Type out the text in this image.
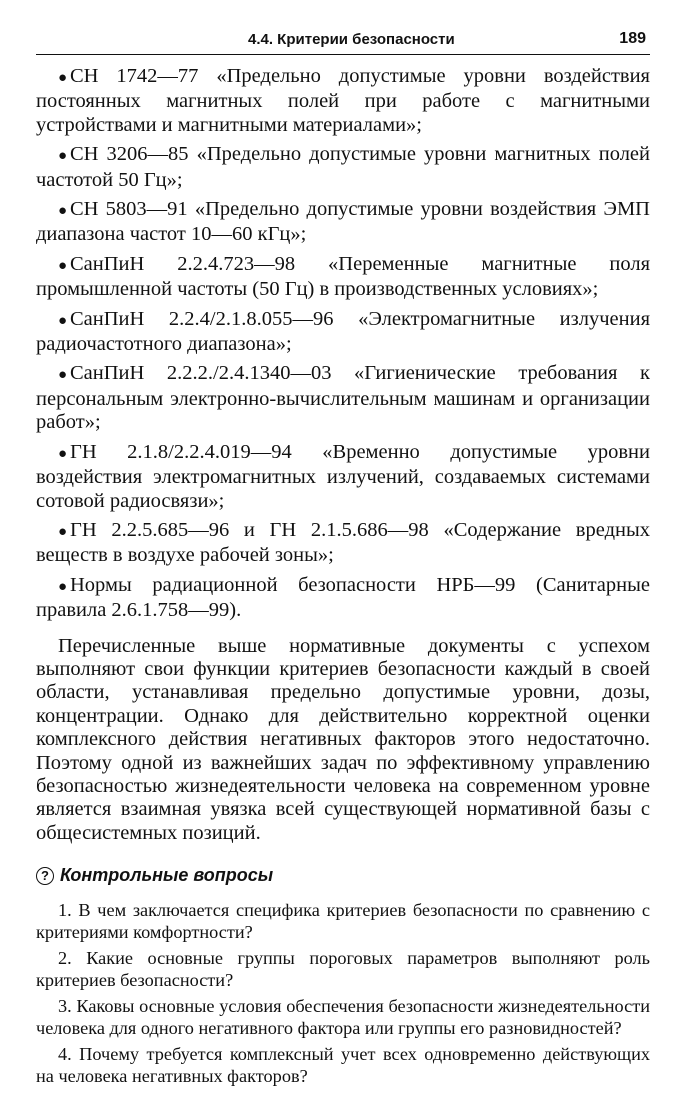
4.4. Критерии безопасности	189

● СН 1742—77 «Предельно допустимые уровни воздействия постоянных магнитных полей при работе с магнитными устройствами и магнитными материалами»;

● СН 3206—85 «Предельно допустимые уровни магнитных полей частотой 50 Гц»;

● СН 5803—91 «Предельно допустимые уровни воздействия ЭМП диапазона частот 10—60 кГц»;

● СанПиН 2.2.4.723—98 «Переменные магнитные поля промышленной частоты (50 Гц) в производственных условиях»;

● СанПиН 2.2.4/2.1.8.055—96 «Электромагнитные излучения радиочастотного диапазона»;

● СанПиН 2.2.2./2.4.1340—03 «Гигиенические требования к персональным электронно-вычислительным машинам и организации работ»;

● ГН 2.1.8/2.2.4.019—94 «Временно допустимые уровни воздействия электромагнитных излучений, создаваемых системами сотовой радиосвязи»;

● ГН 2.2.5.685—96 и ГН 2.1.5.686—98 «Содержание вредных веществ в воздухе рабочей зоны»;

● Нормы радиационной безопасности НРБ—99 (Санитарные правила 2.6.1.758—99).

Перечисленные выше нормативные документы с успехом выполняют свои функции критериев безопасности каждый в своей области, устанавливая предельно допустимые уровни, дозы, концентрации. Однако для действительно корректной оценки комплексного действия негативных факторов этого недостаточно. Поэтому одной из важнейших задач по эффективному управлению безопасностью жизнедеятельности человека на современном уровне является взаимная увязка всей существующей нормативной базы с общесистемных позиций.

? Контрольные вопросы

1. В чем заключается специфика критериев безопасности по сравнению с критериями комфортности?

2. Какие основные группы пороговых параметров выполняют роль критериев безопасности?

3. Каковы основные условия обеспечения безопасности жизнедеятельности человека для одного негативного фактора или группы его разновидностей?

4. Почему требуется комплексный учет всех одновременно действующих на человека негативных факторов?
